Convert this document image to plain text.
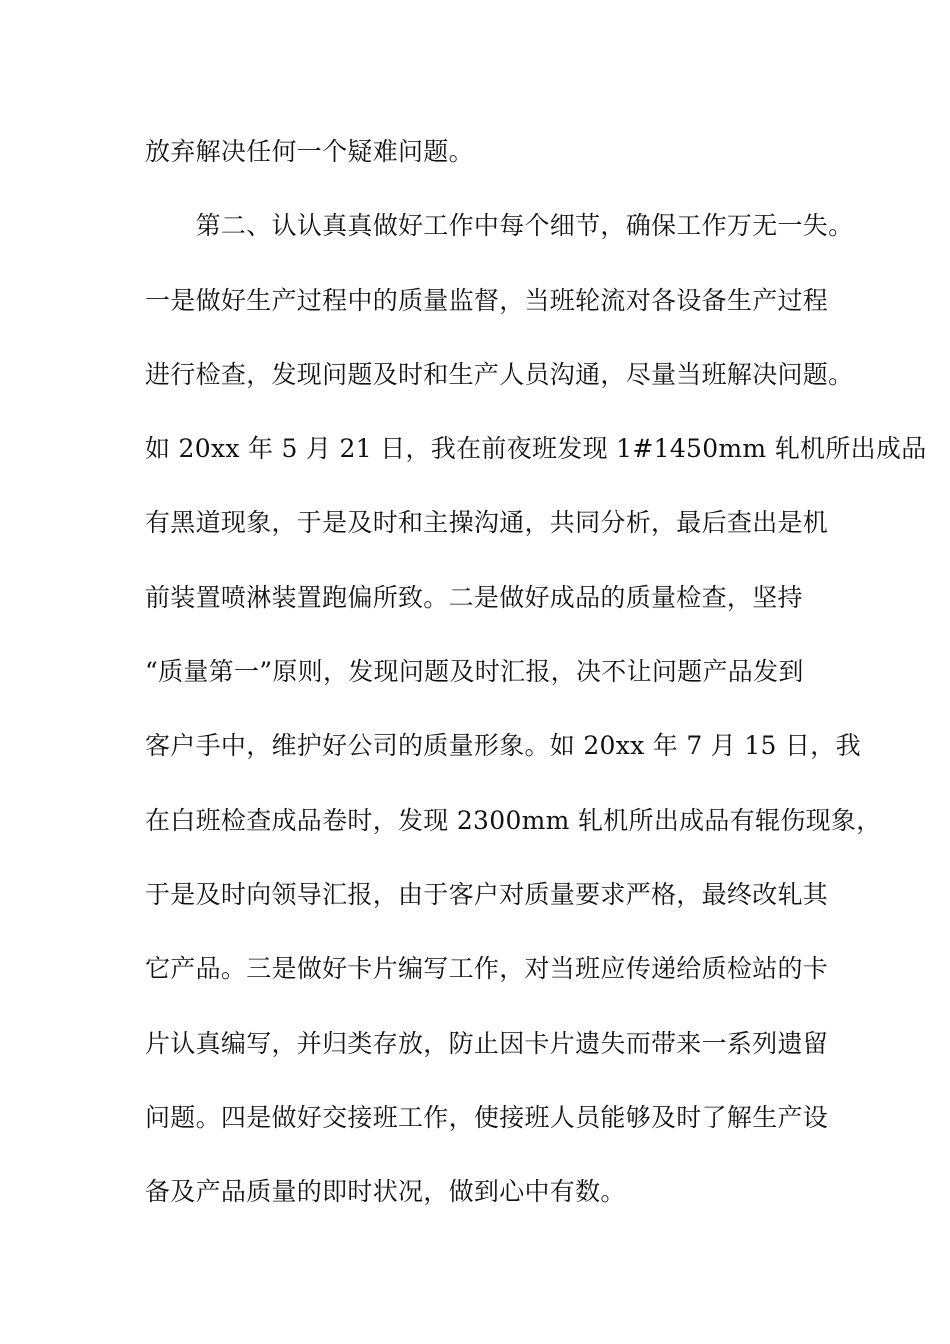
放弃解决任何一个疑难问题。
　　第二、认认真真做好工作中每个细节，确保工作万无一失。
一是做好生产过程中的质量监督，当班轮流对各设备生产过程
进行检查，发现问题及时和生产人员沟通，尽量当班解决问题。
如 20xx 年 5 月 21 日，我在前夜班发现 1#1450mm 轧机所出成品
有黑道现象，于是及时和主操沟通，共同分析，最后查出是机
前装置喷淋装置跑偏所致。二是做好成品的质量检查，坚持
“质量第一”原则，发现问题及时汇报，决不让问题产品发到
客户手中，维护好公司的质量形象。如 20xx 年 7 月 15 日，我
在白班检查成品卷时，发现 2300mm 轧机所出成品有辊伤现象，
于是及时向领导汇报，由于客户对质量要求严格，最终改轧其
它产品。三是做好卡片编写工作，对当班应传递给质检站的卡
片认真编写，并归类存放，防止因卡片遗失而带来一系列遗留
问题。四是做好交接班工作，使接班人员能够及时了解生产设
备及产品质量的即时状况，做到心中有数。
